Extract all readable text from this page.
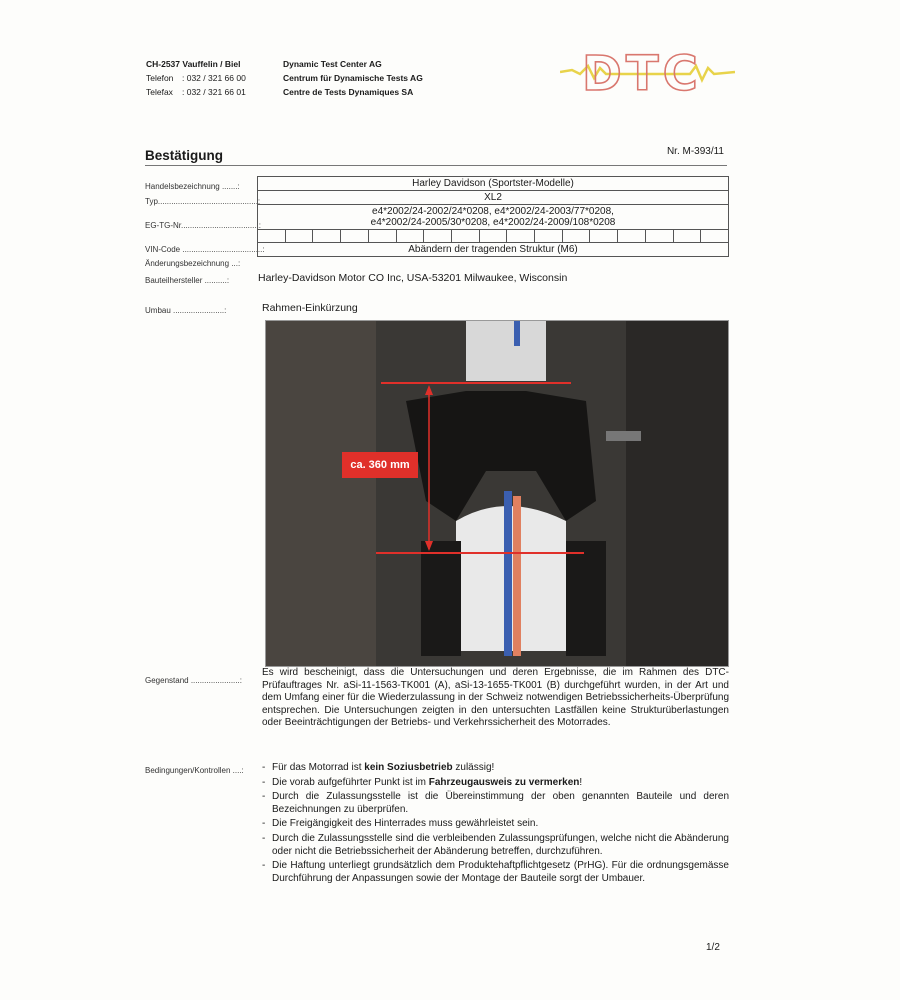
CH-2537 Vauffelin / Biel
Telefon : 032 / 321 66 00
Telefax : 032 / 321 66 01
Dynamic Test Center AG
Centrum für Dynamische Tests AG
Centre de Tests Dynamiques SA	DTC
Bestätigung	Nr. M-393/11
Handelsbezeichnung .......:
Typ.............................................:
EG-TG-Nr...................................:
VIN-Code ....................................:
Änderungsbezeichnung ...:
Bauteilhersteller ..........:
Umbau .......................:
Harley Davidson (Sportster-Modelle)
XL2
e4*2002/24-2002/24*0208, e4*2002/24-2003/77*0208,
e4*2002/24-2005/30*0208, e4*2002/24-2009/108*0208
Abändern der tragenden Struktur (M6)
Harley-Davidson Motor CO Inc, USA-53201 Milwaukee, Wisconsin
Rahmen-Einkürzung
ca. 360 mm
Gegenstand ......................:
Es wird bescheinigt, dass die Untersuchungen und deren Ergebnisse, die im Rahmen des DTC-Prüfauftrages Nr. aSi-11-1563-TK001 (A), aSi-13-1655-TK001 (B) durchgeführt wurden, in der Art und dem Umfang einer für die Wiederzulassung in der Schweiz notwendigen Betriebssicherheits-Überprüfung entsprechen. Die Untersuchungen zeigten in den untersuchten Lastfällen keine Strukturüberlastungen oder Beeinträchtigungen der Betriebs- und Verkehrssicherheit des Motorrades.
Bedingungen/Kontrollen ....: - Für das Motorrad ist kein Soziusbetrieb zulässig!
- Die vorab aufgeführter Punkt ist im Fahrzeugausweis zu vermerken!
- Durch die Zulassungsstelle ist die Übereinstimmung der oben genannten Bauteile und deren Bezeichnungen zu überprüfen.
- Die Freigängigkeit des Hinterrades muss gewährleistet sein.
- Durch die Zulassungsstelle sind die verbleibenden Zulassungsprüfungen, welche nicht die Abänderung oder nicht die Betriebssicherheit der Abänderung betreffen, durchzuführen.
- Die Haftung unterliegt grundsätzlich dem Produktehaftpflichtgesetz (PrHG). Für die ordnungsgemässe Durchführung der Anpassungen sowie der Montage der Bauteile sorgt der Umbauer.
1/2
